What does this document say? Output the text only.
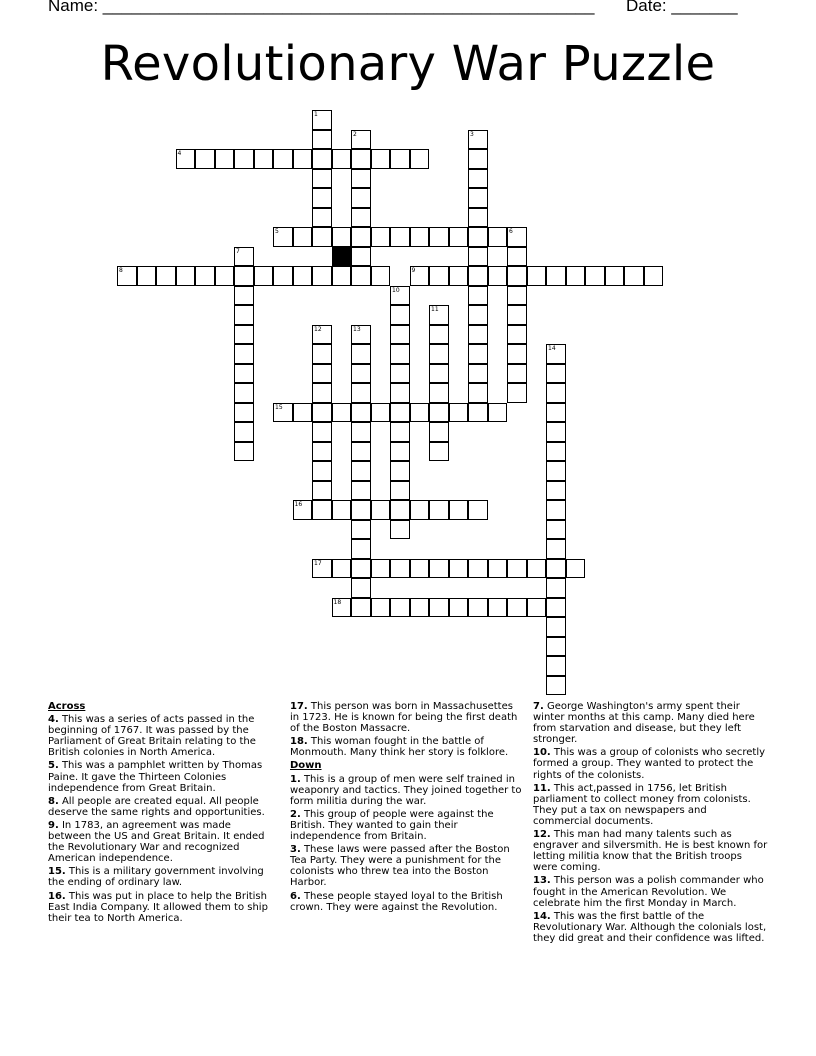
Name: ____________________________________________________ Date: _______
Revolutionary War Puzzle
1
2	3
4
5	6
7
8	9
10
11
12	13
14
15
16
17
18

Across

4. This was a series of acts passed in the beginning of 1767. It was passed by the Parliament of Great Britain relating to the British colonies in North America.

5. This was a pamphlet written by Thomas Paine. It gave the Thirteen Colonies independence from Great Britain.

8. All people are created equal. All people deserve the same rights and opportunities.

9. In 1783, an agreement was made between the US and Great Britain. It ended the Revolutionary War and recognized American independence.

15. This is a military government involving the ending of ordinary law.

16. This was put in place to help the British East India Company. It allowed them to ship their tea to North America.

17. This person was born in Massachusettes in 1723. He is known for being the first death of the Boston Massacre.

18. This woman fought in the battle of Monmouth. Many think her story is folklore.

Down

1. This is a group of men were self trained in weaponry and tactics. They joined together to form militia during the war.

2. This group of people were against the British. They wanted to gain their independence from Britain.

3. These laws were passed after the Boston Tea Party. They were a punishment for the colonists who threw tea into the Boston Harbor.

6. These people stayed loyal to the British crown. They were against the Revolution.

7. George Washington's army spent their winter months at this camp. Many died here from starvation and disease, but they left stronger.

10. This was a group of colonists who secretly formed a group. They wanted to protect the rights of the colonists.

11. This act,passed in 1756, let British parliament to collect money from colonists. They put a tax on newspapers and commercial documents.

12. This man had many talents such as engraver and silversmith. He is best known for letting militia know that the British troops were coming.

13. This person was a polish commander who fought in the American Revolution. We celebrate him the first Monday in March.

14. This was the first battle of the Revolutionary War. Although the colonials lost, they did great and their confidence was lifted.
